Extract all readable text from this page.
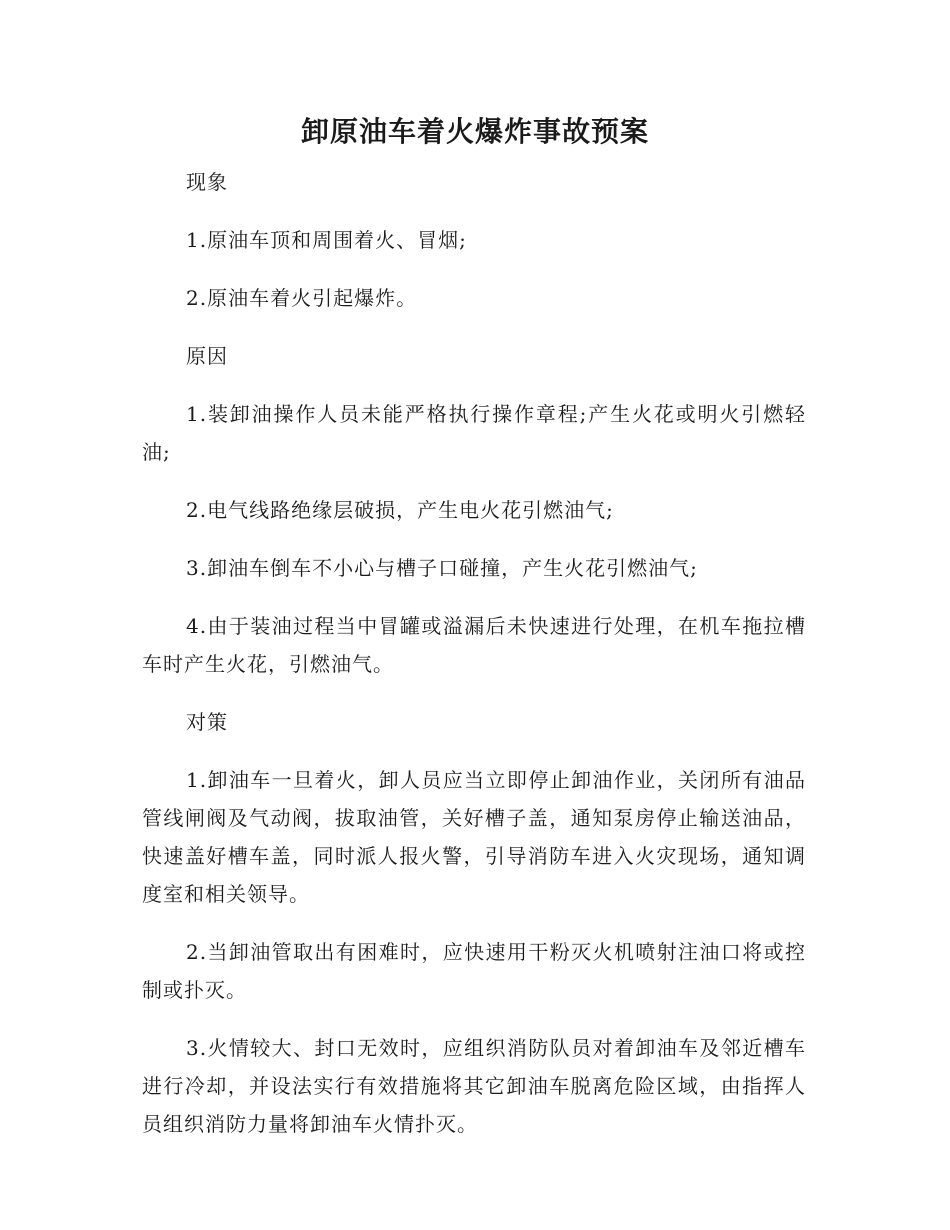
卸原油车着火爆炸事故预案

现象

1.原油车顶和周围着火、冒烟;

2.原油车着火引起爆炸。

原因

1.装卸油操作人员未能严格执行操作章程;产生火花或明火引燃轻油;

2.电气线路绝缘层破损，产生电火花引燃油气;

3.卸油车倒车不小心与槽子口碰撞，产生火花引燃油气;

4.由于装油过程当中冒罐或溢漏后未快速进行处理，在机车拖拉槽车时产生火花，引燃油气。

对策

1.卸油车一旦着火，卸人员应当立即停止卸油作业，关闭所有油品管线闸阀及气动阀，拔取油管，关好槽子盖，通知泵房停止输送油品，快速盖好槽车盖，同时派人报火警，引导消防车进入火灾现场，通知调度室和相关领导。

2.当卸油管取出有困难时，应快速用干粉灭火机喷射注油口将或控制或扑灭。

3.火情较大、封口无效时，应组织消防队员对着卸油车及邻近槽车进行冷却，并设法实行有效措施将其它卸油车脱离危险区域，由指挥人员组织消防力量将卸油车火情扑灭。
